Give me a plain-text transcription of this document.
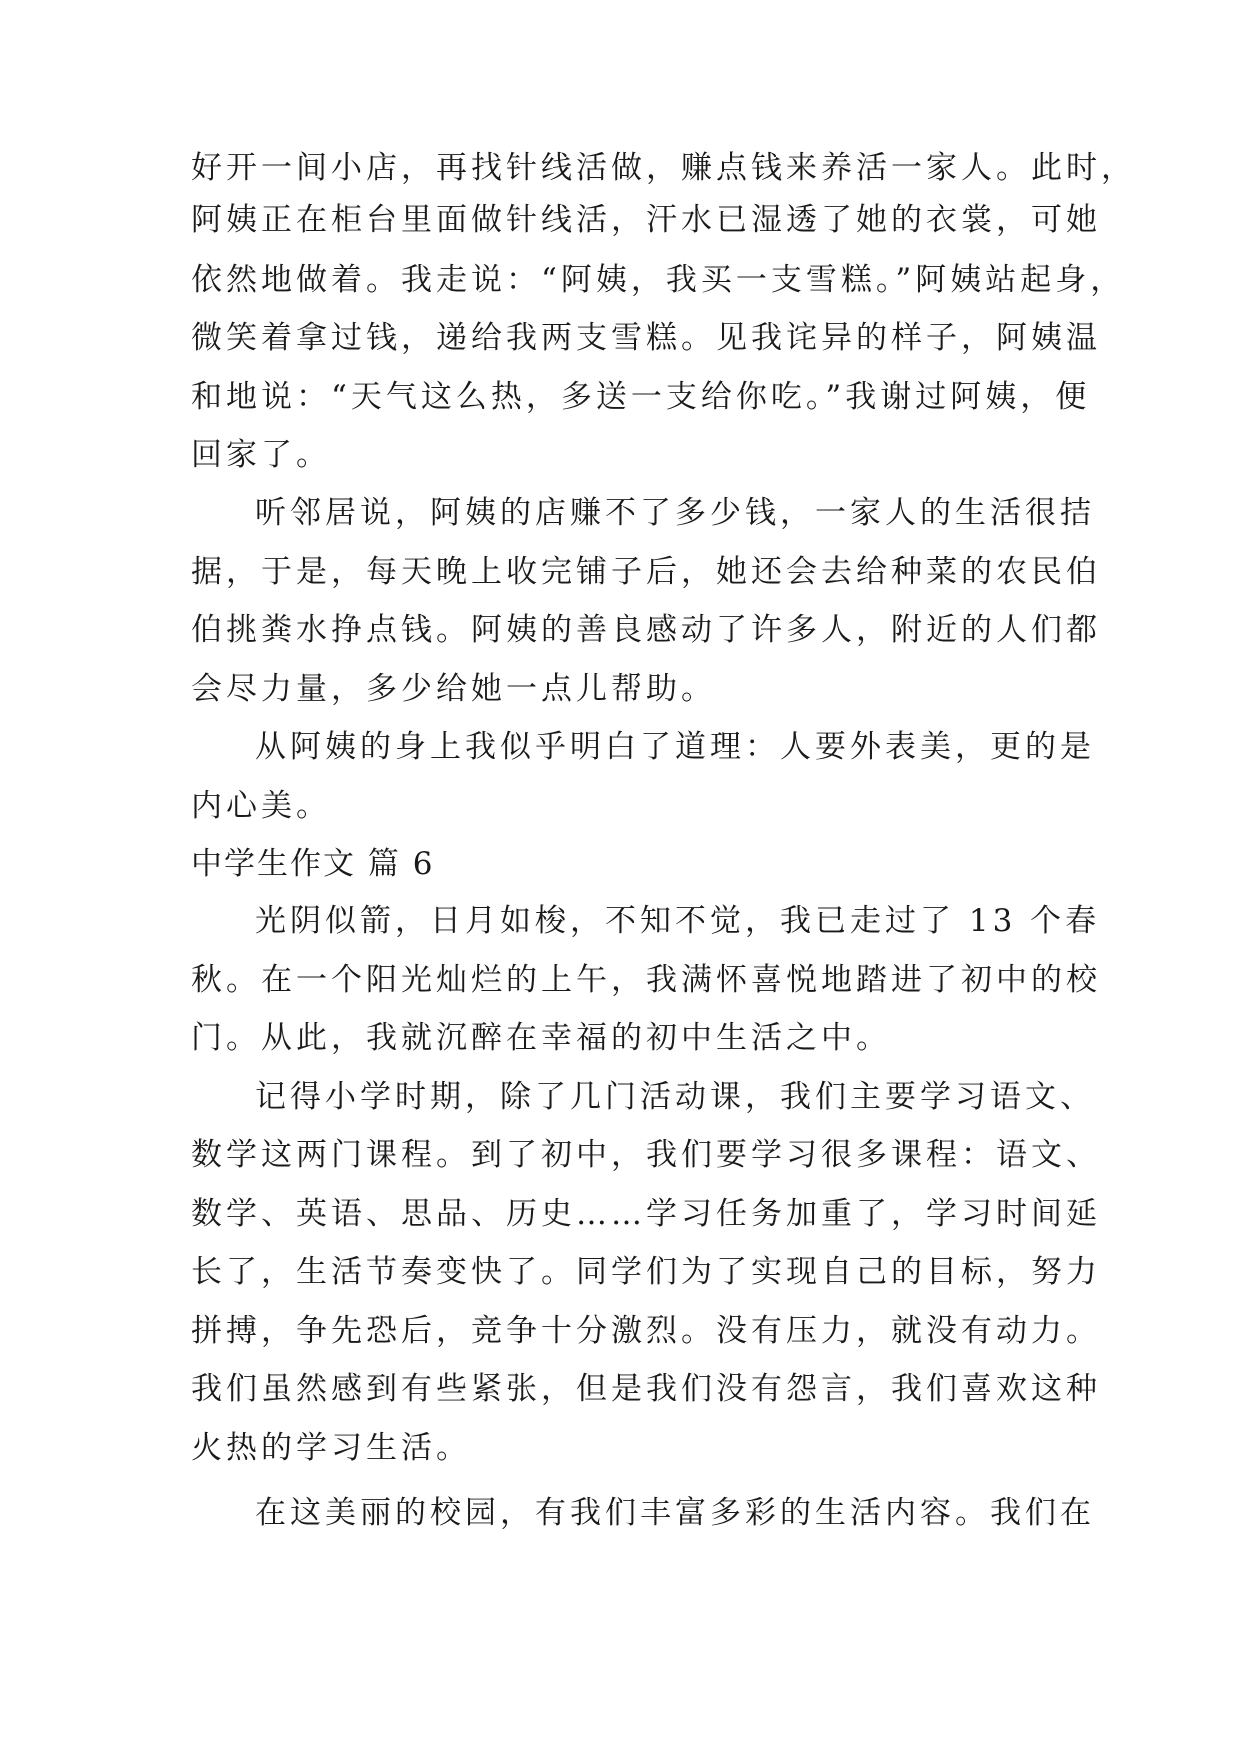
好开一间小店，再找针线活做，赚点钱来养活一家人。此时，
阿姨正在柜台里面做针线活，汗水已湿透了她的衣裳，可她
依然地做着。我走说：“阿姨，我买一支雪糕。”阿姨站起身，
微笑着拿过钱，递给我两支雪糕。见我诧异的样子，阿姨温
和地说：“天气这么热，多送一支给你吃。”我谢过阿姨，便
回家了。
听邻居说，阿姨的店赚不了多少钱，一家人的生活很拮
据，于是，每天晚上收完铺子后，她还会去给种菜的农民伯
伯挑粪水挣点钱。阿姨的善良感动了许多人，附近的人们都
会尽力量，多少给她一点儿帮助。
从阿姨的身上我似乎明白了道理：人要外表美，更的是
内心美。
中学生作文 篇 6
光阴似箭，日月如梭，不知不觉，我已走过了 13 个春
秋。在一个阳光灿烂的上午，我满怀喜悦地踏进了初中的校
门。从此，我就沉醉在幸福的初中生活之中。
记得小学时期，除了几门活动课，我们主要学习语文、
数学这两门课程。到了初中，我们要学习很多课程：语文、
数学、英语、思品、历史……学习任务加重了，学习时间延
长了，生活节奏变快了。同学们为了实现自己的目标，努力
拼搏，争先恐后，竞争十分激烈。没有压力，就没有动力。
我们虽然感到有些紧张，但是我们没有怨言，我们喜欢这种
火热的学习生活。
在这美丽的校园，有我们丰富多彩的生活内容。我们在
